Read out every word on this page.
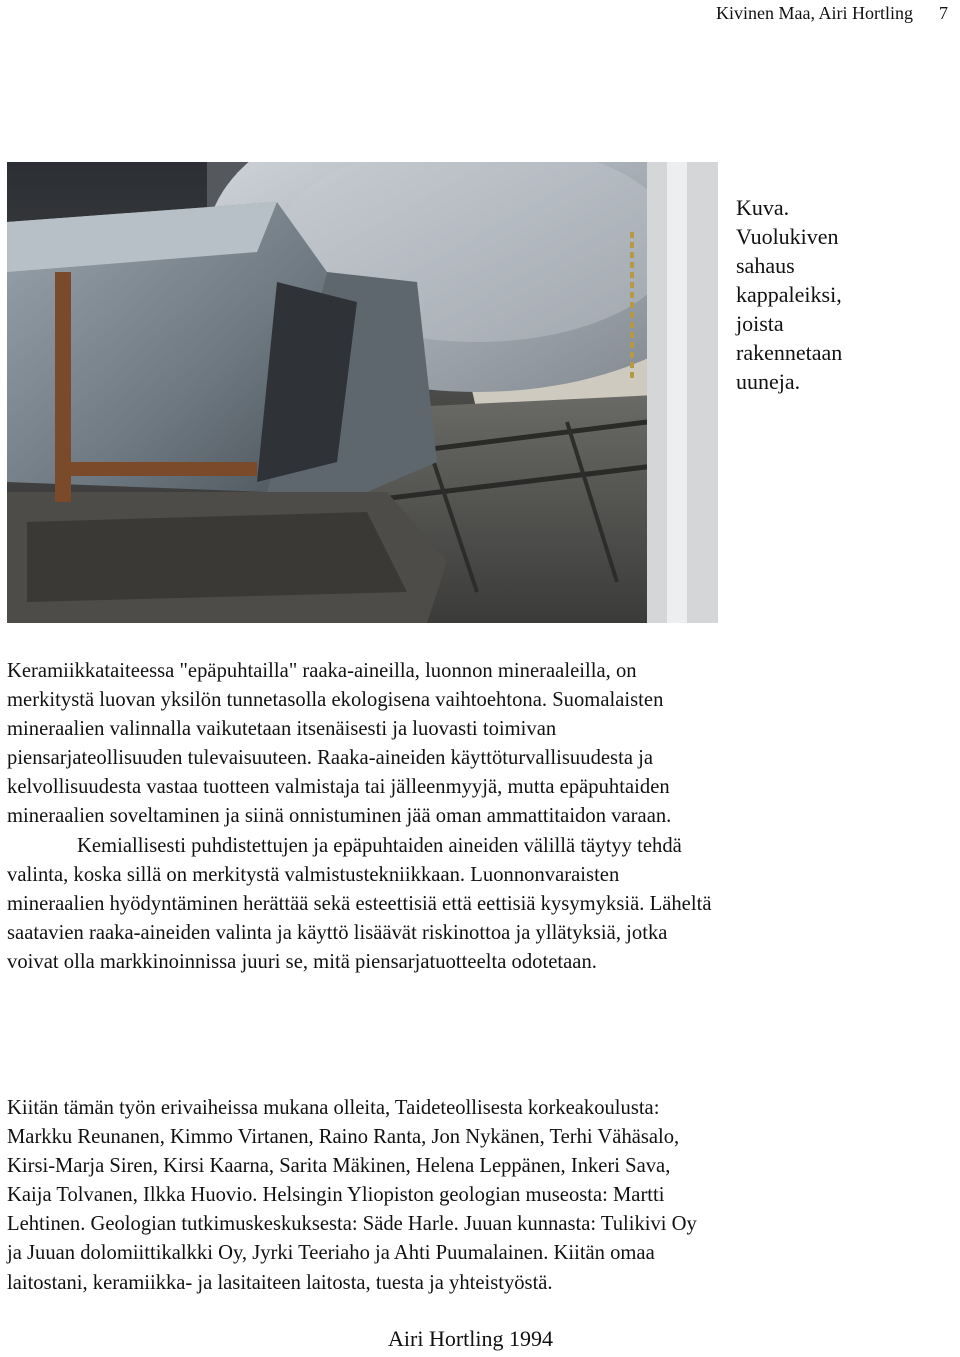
Kivinen Maa, Airi Hortling 7
Kuva.
Vuolukiven
sahaus
kappaleiksi,
joista
rakennetaan
uuneja.
Keramiikkataiteessa "epäpuhtailla" raaka-aineilla, luonnon mineraaleilla, on
merkitystä luovan yksilön tunnetasolla ekologisena vaihtoehtona. Suomalaisten
mineraalien valinnalla vaikutetaan itsenäisesti ja luovasti toimivan
piensarjateollisuuden tulevaisuuteen. Raaka-aineiden käyttöturvallisuudesta ja
kelvollisuudesta vastaa tuotteen valmistaja tai jälleenmyyjä, mutta epäpuhtaiden
mineraalien soveltaminen ja siinä onnistuminen jää oman ammattitaidon varaan.
Kemiallisesti puhdistettujen ja epäpuhtaiden aineiden välillä täytyy tehdä
valinta, koska sillä on merkitystä valmistustekniikkaan. Luonnonvaraisten
mineraalien hyödyntäminen herättää sekä esteettisiä että eettisiä kysymyksiä. Läheltä
saatavien raaka-aineiden valinta ja käyttö lisäävät riskinottoa ja yllätyksiä, jotka
voivat olla markkinoinnissa juuri se, mitä piensarjatuotteelta odotetaan.
Kiitän tämän työn erivaiheissa mukana olleita, Taideteollisesta korkeakoulusta:
Markku Reunanen, Kimmo Virtanen, Raino Ranta, Jon Nykänen, Terhi Vähäsalo,
Kirsi-Marja Siren, Kirsi Kaarna, Sarita Mäkinen, Helena Leppänen, Inkeri Sava,
Kaija Tolvanen, Ilkka Huovio. Helsingin Yliopiston geologian museosta: Martti
Lehtinen. Geologian tutkimuskeskuksesta: Säde Harle. Juuan kunnasta: Tulikivi Oy
ja Juuan dolomiittikalkki Oy, Jyrki Teeriaho ja Ahti Puumalainen. Kiitän omaa
laitostani, keramiikka- ja lasitaiteen laitosta, tuesta ja yhteistyöstä.
Airi Hortling 1994
